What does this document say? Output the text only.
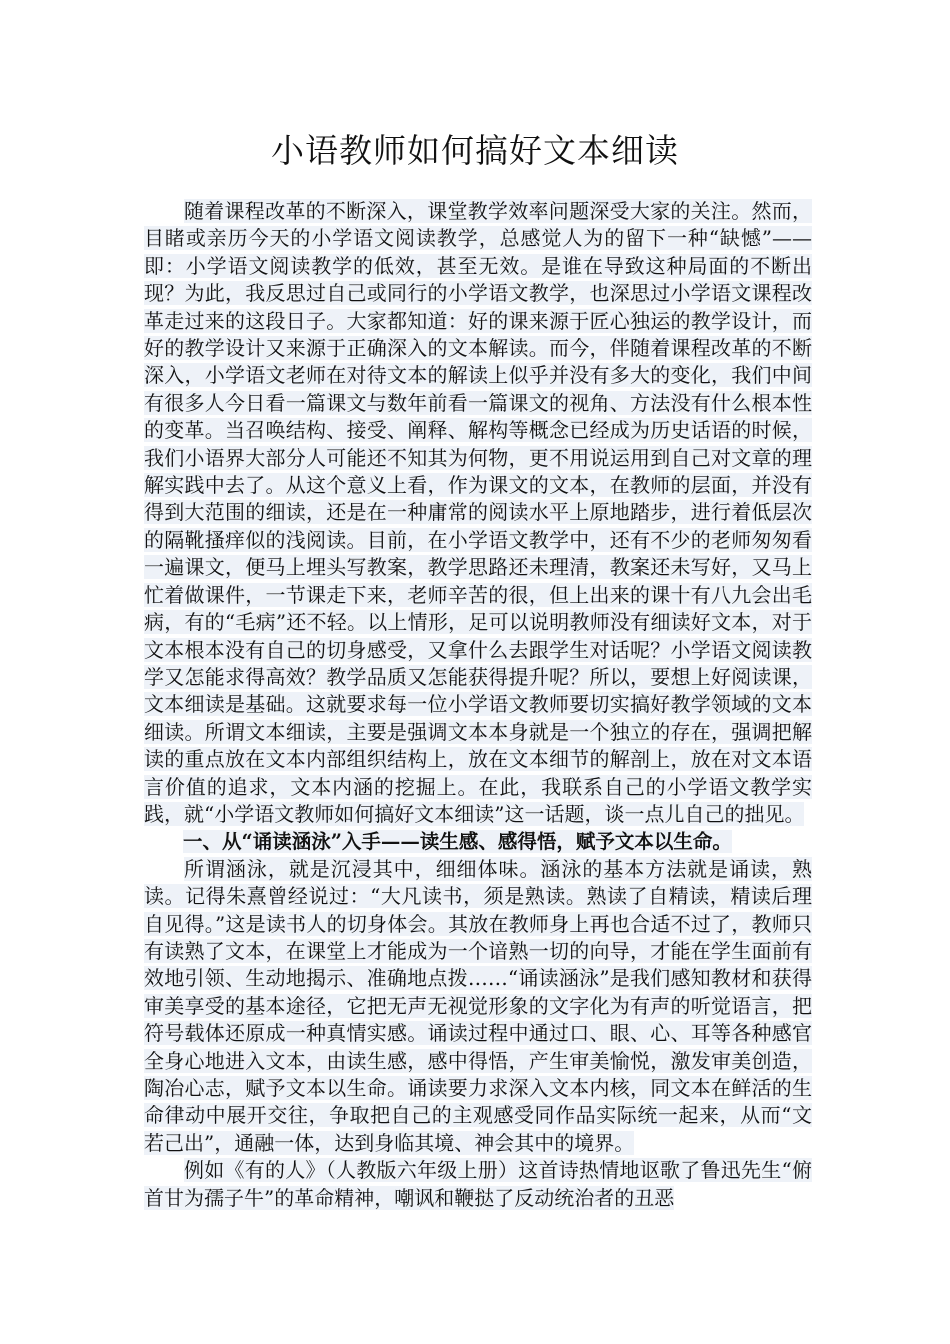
小语教师如何搞好文本细读

随着课程改革的不断深入，课堂教学效率问题深受大家的关注。然而，目睹或亲历今天的小学语文阅读教学，总感觉人为的留下一种“缺憾”——即：小学语文阅读教学的低效，甚至无效。是谁在导致这种局面的不断出现？为此，我反思过自己或同行的小学语文教学，也深思过小学语文课程改革走过来的这段日子。大家都知道：好的课来源于匠心独运的教学设计，而好的教学设计又来源于正确深入的文本解读。而今，伴随着课程改革的不断深入，小学语文老师在对待文本的解读上似乎并没有多大的变化，我们中间有很多人今日看一篇课文与数年前看一篇课文的视角、方法没有什么根本性的变革。当召唤结构、接受、阐释、解构等概念已经成为历史话语的时候，我们小语界大部分人可能还不知其为何物，更不用说运用到自己对文章的理解实践中去了。从这个意义上看，作为课文的文本，在教师的层面，并没有得到大范围的细读，还是在一种庸常的阅读水平上原地踏步，进行着低层次的隔靴搔痒似的浅阅读。目前，在小学语文教学中，还有不少的老师匆匆看一遍课文，便马上埋头写教案，教学思路还未理清，教案还未写好，又马上忙着做课件，一节课走下来，老师辛苦的很，但上出来的课十有八九会出毛病，有的“毛病”还不轻。以上情形，足可以说明教师没有细读好文本，对于文本根本没有自己的切身感受，又拿什么去跟学生对话呢？小学语文阅读教学又怎能求得高效？教学品质又怎能获得提升呢？所以，要想上好阅读课，文本细读是基础。这就要求每一位小学语文教师要切实搞好教学领域的文本细读。所谓文本细读，主要是强调文本本身就是一个独立的存在，强调把解读的重点放在文本内部组织结构上，放在文本细节的解剖上，放在对文本语言价值的追求，文本内涵的挖掘上。在此，我联系自己的小学语文教学实践，就“小学语文教师如何搞好文本细读”这一话题，谈一点儿自己的拙见。

一、从“诵读涵泳”入手——读生感、感得悟，赋予文本以生命。

所谓涵泳，就是沉浸其中，细细体味。涵泳的基本方法就是诵读，熟读。记得朱熹曾经说过：“大凡读书，须是熟读。熟读了自精读，精读后理自见得。”这是读书人的切身体会。其放在教师身上再也合适不过了，教师只有读熟了文本，在课堂上才能成为一个谙熟一切的向导，才能在学生面前有效地引领、生动地揭示、准确地点拨……“诵读涵泳”是我们感知教材和获得审美享受的基本途径，它把无声无视觉形象的文字化为有声的听觉语言，把符号载体还原成一种真情实感。诵读过程中通过口、眼、心、耳等各种感官全身心地进入文本，由读生感，感中得悟，产生审美愉悦，激发审美创造，陶冶心志，赋予文本以生命。诵读要力求深入文本内核，同文本在鲜活的生命律动中展开交往，争取把自己的主观感受同作品实际统一起来，从而“文若己出”，通融一体，达到身临其境、神会其中的境界。

例如《有的人》（人教版六年级上册）这首诗热情地讴歌了鲁迅先生“俯首甘为孺子牛”的革命精神，嘲讽和鞭挞了反动统治者的丑恶
